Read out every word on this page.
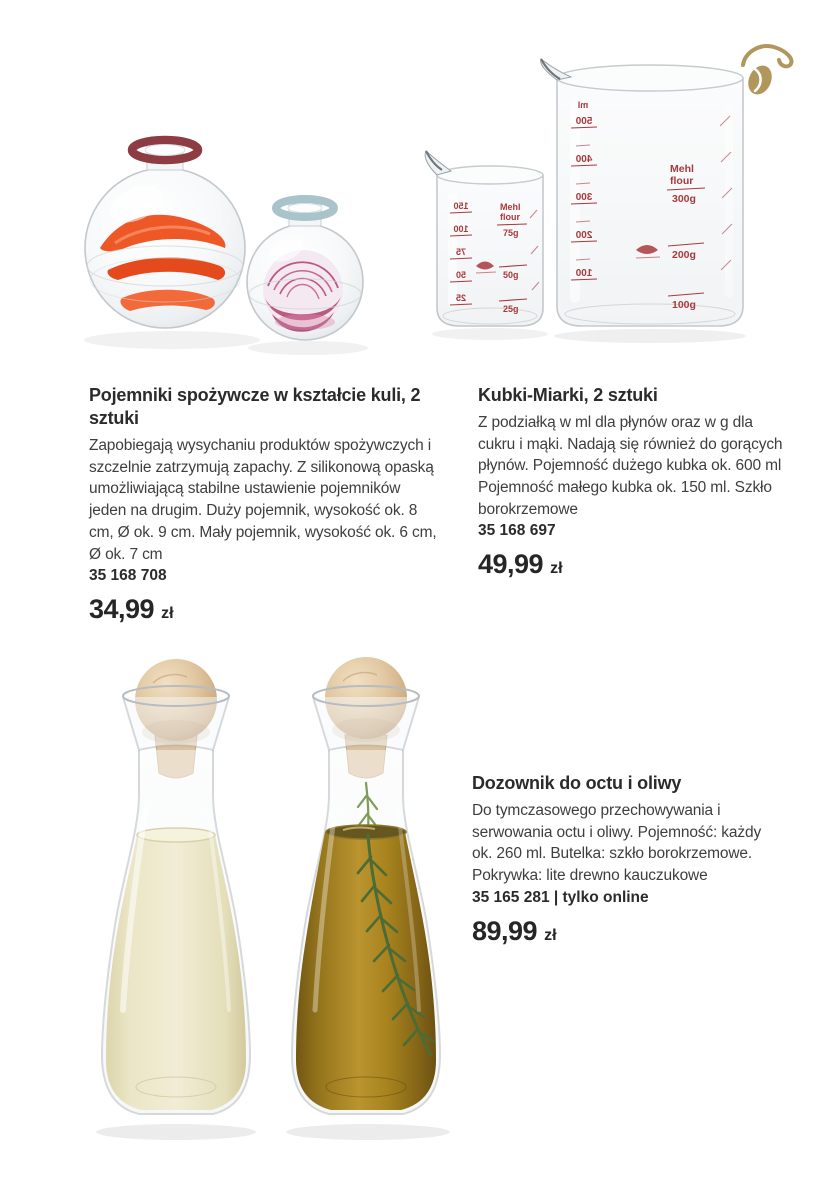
Pojemniki spożywcze w kształcie kuli, 2 sztuki

Zapobiegają wysychaniu produktów spożywczych i szczelnie zatrzymują zapachy. Z silikonową opaską umożliwiającą stabilne ustawienie pojemników jeden na drugim. Duży pojemnik, wysokość ok. 8 cm, Ø ok. 9 cm. Mały pojemnik, wysokość ok. 6 cm, Ø ok. 7 cm

35 168 708
34,99 zł
150
100
75
50
25
Mehl
flour
75g
50g
25g
ml
500
400
300
200
100
Mehl
flour
300g
200g
100g
Kubki-Miarki, 2 sztuki

Z podziałką w ml dla płynów oraz w g dla cukru i mąki. Nadają się również do gorących płynów. Pojemność dużego kubka ok. 600 ml Pojemność małego kubka ok. 150 ml. Szkło borokrzemowe

35 168 697
49,99 zł
Dozownik do octu i oliwy

Do tymczasowego przechowywania i serwowania octu i oliwy. Pojemność: każdy ok. 260 ml. Butelka: szkło borokrzemowe. Pokrywka: lite drewno kauczukowe

35 165 281 | tylko online
89,99 zł
